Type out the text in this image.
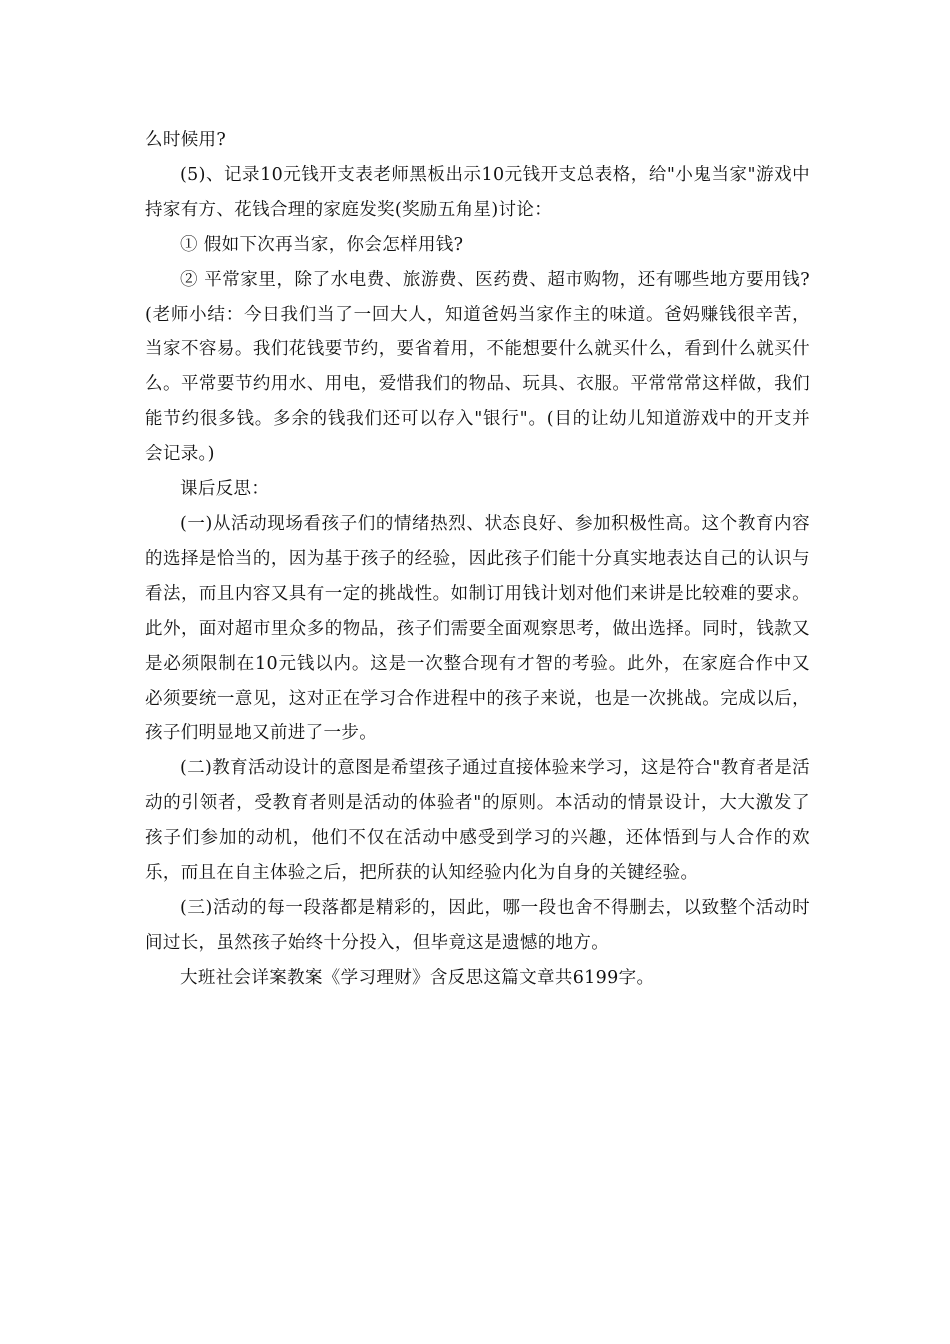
么时候用?

(5)、记录10元钱开支表老师黑板出示10元钱开支总表格，给"小鬼当家"游戏中持家有方、花钱合理的家庭发奖(奖励五角星)讨论：

① 假如下次再当家，你会怎样用钱?

② 平常家里，除了水电费、旅游费、医药费、超市购物，还有哪些地方要用钱?(老师小结：今日我们当了一回大人，知道爸妈当家作主的味道。爸妈赚钱很辛苦，当家不容易。我们花钱要节约，要省着用，不能想要什么就买什么，看到什么就买什么。平常要节约用水、用电，爱惜我们的物品、玩具、衣服。平常常常这样做，我们能节约很多钱。多余的钱我们还可以存入"银行"。(目的让幼儿知道游戏中的开支并会记录。)

课后反思：

(一)从活动现场看孩子们的情绪热烈、状态良好、参加积极性高。这个教育内容的选择是恰当的，因为基于孩子的经验，因此孩子们能十分真实地表达自己的认识与看法，而且内容又具有一定的挑战性。如制订用钱计划对他们来讲是比较难的要求。此外，面对超市里众多的物品，孩子们需要全面观察思考，做出选择。同时，钱款又是必须限制在10元钱以内。这是一次整合现有才智的考验。此外，在家庭合作中又必须要统一意见，这对正在学习合作进程中的孩子来说，也是一次挑战。完成以后，孩子们明显地又前进了一步。

(二)教育活动设计的意图是希望孩子通过直接体验来学习，这是符合"教育者是活动的引领者，受教育者则是活动的体验者"的原则。本活动的情景设计，大大激发了孩子们参加的动机，他们不仅在活动中感受到学习的兴趣，还体悟到与人合作的欢乐，而且在自主体验之后，把所获的认知经验内化为自身的关键经验。

(三)活动的每一段落都是精彩的，因此，哪一段也舍不得删去，以致整个活动时间过长，虽然孩子始终十分投入，但毕竟这是遗憾的地方。

大班社会详案教案《学习理财》含反思这篇文章共6199字。
